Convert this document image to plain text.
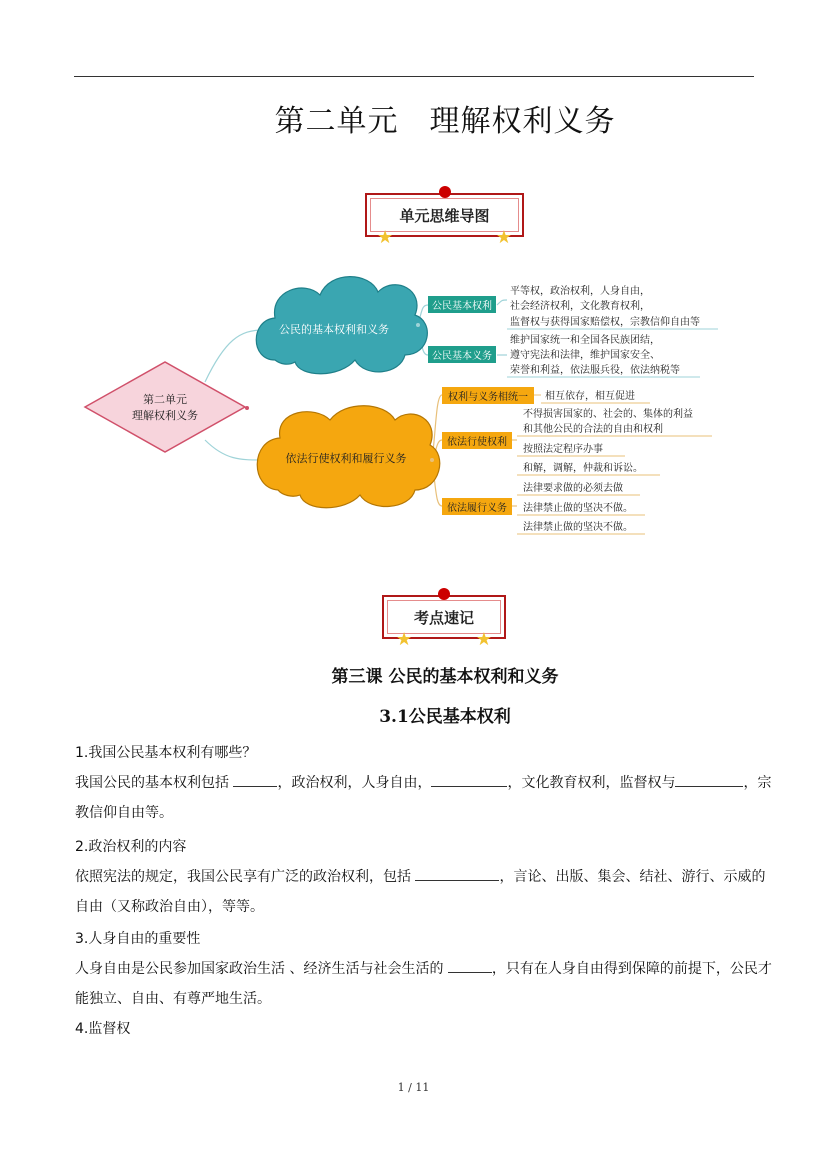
第二单元　理解权利义务
单元思维导图
★	★
第二单元
理解权利义务
公民的基本权利和义务
依法行使权利和履行义务
公民基本权利
公民基本义务
平等权，政治权利，人身自由，
社会经济权利，文化教育权利，
监督权与获得国家赔偿权，宗教信仰自由等
维护国家统一和全国各民族团结，
遵守宪法和法律，维护国家安全、
荣誉和利益，依法服兵役，依法纳税等
权利与义务相统一 相互依存，相互促进
依法行使权利
不得损害国家的、社会的、集体的利益
和其他公民的合法的自由和权利
按照法定程序办事
和解，调解，仲裁和诉讼。
依法履行义务
法律要求做的必须去做
法律禁止做的坚决不做。
法律禁止做的坚决不做。
考点速记
★	★
第三课 公民的基本权利和义务
3.1公民基本权利
1.我国公民基本权利有哪些？
我国公民的基本权利包括	，政治权利，人身自由，	，文化教育权利，监督权与	，宗
教信仰自由等。
2.政治权利的内容
依照宪法的规定，我国公民享有广泛的政治权利，包括	，言论、出版、集会、结社、游行、示威的
自由（又称政治自由），等等。
3.人身自由的重要性
人身自由是公民参加国家政治生活 、经济生活与社会生活的	，只有在人身自由得到保障的前提下，公民才
能独立、自由、有尊严地生活。
4.监督权
1 / 11
